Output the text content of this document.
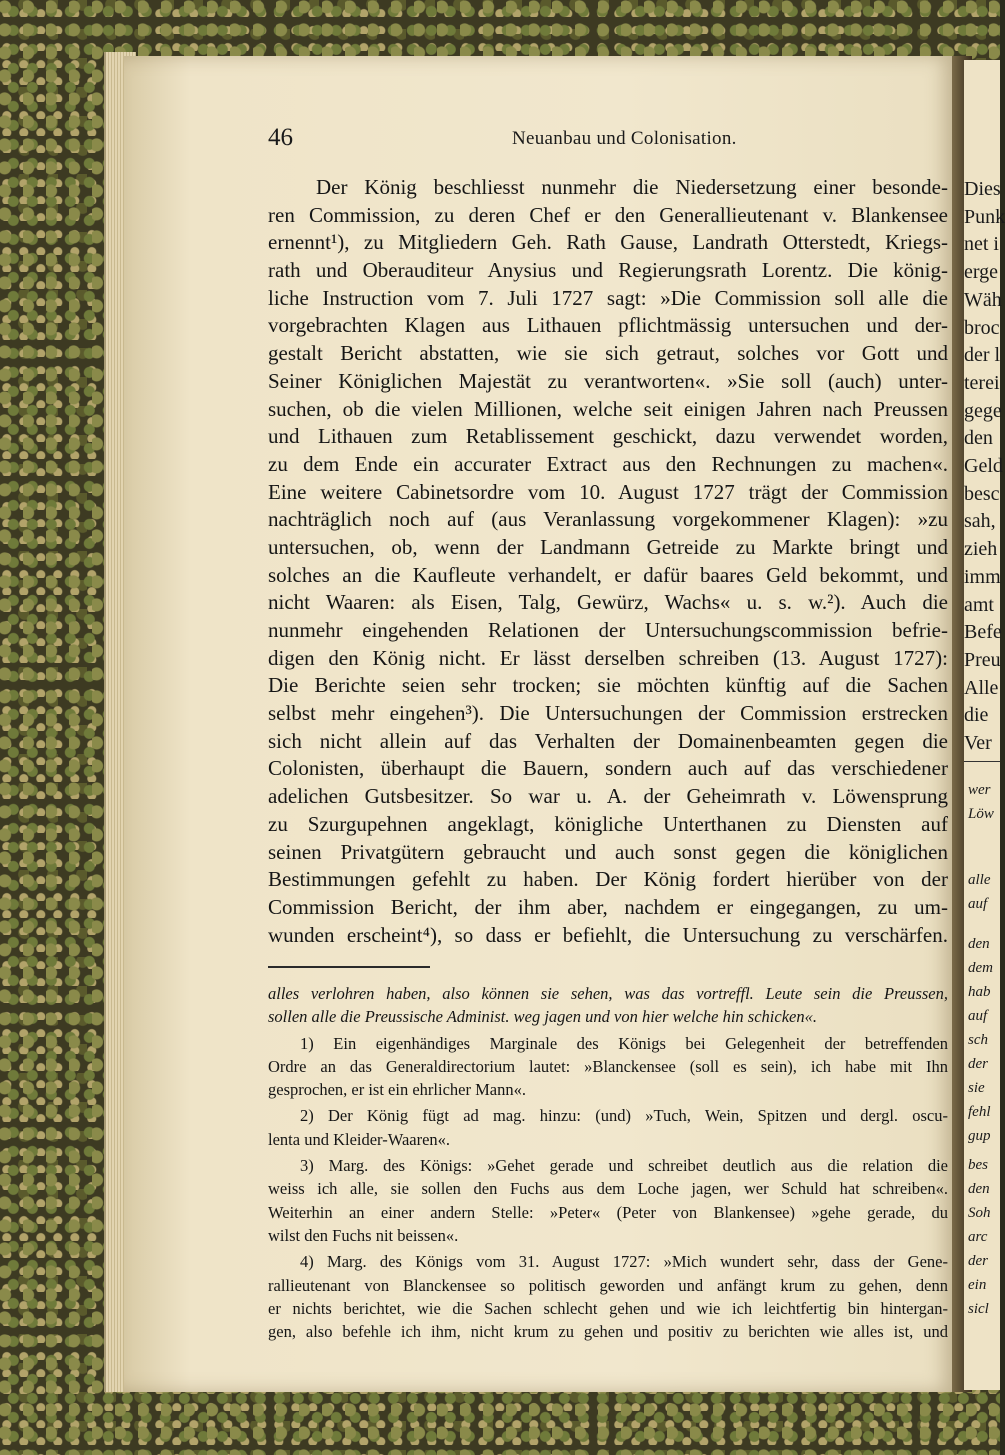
Dies
Punk
net i
erge
Wäh
broc
der l
terei
gege
den
Geld
besc
sah,
zieh
imm
amt
Befe
Preu
Alle
die
Ver
wer
Löw
alle
auf
den
dem
hab
auf
sch
der
sie
fehl
gup
bes
den
Soh
arc
der
ein
sicl
46	Neuanbau und Colonisation.
Der König beschliesst nunmehr die Niedersetzung einer besonde-
ren Commission, zu deren Chef er den Generallieutenant v. Blankensee
ernennt¹), zu Mitgliedern Geh. Rath Gause, Landrath Otterstedt, Kriegs-
rath und Oberauditeur Anysius und Regierungsrath Lorentz. Die könig-
liche Instruction vom 7. Juli 1727 sagt: »Die Commission soll alle die
vorgebrachten Klagen aus Lithauen pflichtmässig untersuchen und der-
gestalt Bericht abstatten, wie sie sich getraut, solches vor Gott und
Seiner Königlichen Majestät zu verantworten«. »Sie soll (auch) unter-
suchen, ob die vielen Millionen, welche seit einigen Jahren nach Preussen
und Lithauen zum Retablissement geschickt, dazu verwendet worden,
zu dem Ende ein accurater Extract aus den Rechnungen zu machen«.
Eine weitere Cabinetsordre vom 10. August 1727 trägt der Commission
nachträglich noch auf (aus Veranlassung vorgekommener Klagen): »zu
untersuchen, ob, wenn der Landmann Getreide zu Markte bringt und
solches an die Kaufleute verhandelt, er dafür baares Geld bekommt, und
nicht Waaren: als Eisen, Talg, Gewürz, Wachs« u. s. w.²). Auch die
nunmehr eingehenden Relationen der Untersuchungscommission befrie-
digen den König nicht. Er lässt derselben schreiben (13. August 1727):
Die Berichte seien sehr trocken; sie möchten künftig auf die Sachen
selbst mehr eingehen³). Die Untersuchungen der Commission erstrecken
sich nicht allein auf das Verhalten der Domainenbeamten gegen die
Colonisten, überhaupt die Bauern, sondern auch auf das verschiedener
adelichen Gutsbesitzer. So war u. A. der Geheimrath v. Löwensprung
zu Szurgupehnen angeklagt, königliche Unterthanen zu Diensten auf
seinen Privatgütern gebraucht und auch sonst gegen die königlichen
Bestimmungen gefehlt zu haben. Der König fordert hierüber von der
Commission Bericht, der ihm aber, nachdem er eingegangen, zu um-
wunden erscheint⁴), so dass er befiehlt, die Untersuchung zu verschärfen.
alles verlohren haben, also können sie sehen, was das vortreffl. Leute sein die Preussen,
sollen alle die Preussische Administ. weg jagen und von hier welche hin schicken«.
1) Ein eigenhändiges Marginale des Königs bei Gelegenheit der betreffenden
Ordre an das Generaldirectorium lautet: »Blanckensee (soll es sein), ich habe mit Ihn
gesprochen, er ist ein ehrlicher Mann«.
2) Der König fügt ad mag. hinzu: (und) »Tuch, Wein, Spitzen und dergl. oscu-
lenta und Kleider-Waaren«.
3) Marg. des Königs: »Gehet gerade und schreibet deutlich aus die relation die
weiss ich alle, sie sollen den Fuchs aus dem Loche jagen, wer Schuld hat schreiben«.
Weiterhin an einer andern Stelle: »Peter« (Peter von Blankensee) »gehe gerade, du
wilst den Fuchs nit beissen«.
4) Marg. des Königs vom 31. August 1727: »Mich wundert sehr, dass der Gene-
rallieutenant von Blanckensee so politisch geworden und anfängt krum zu gehen, denn
er nichts berichtet, wie die Sachen schlecht gehen und wie ich leichtfertig bin hintergan-
gen, also befehle ich ihm, nicht krum zu gehen und positiv zu berichten wie alles ist, und
